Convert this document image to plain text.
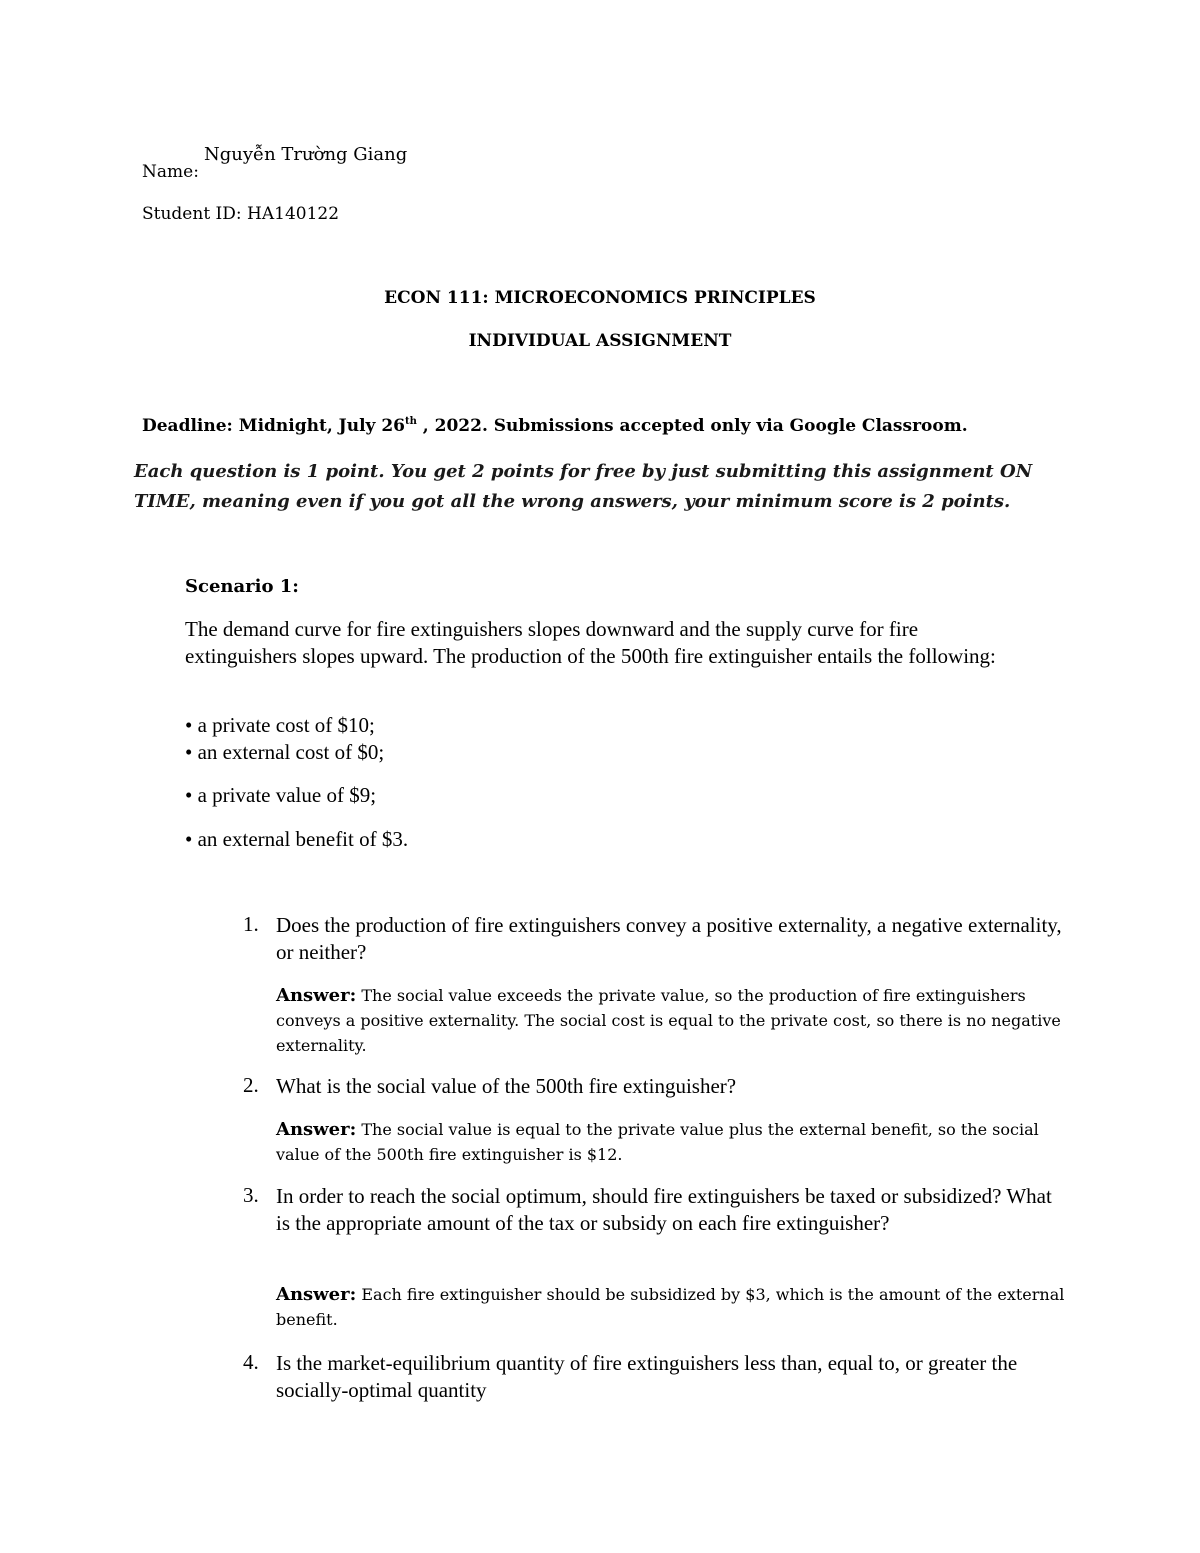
Name:
Nguyễn Trường Giang
Student ID: HA140122
ECON 111: MICROECONOMICS PRINCIPLES
INDIVIDUAL ASSIGNMENT
Deadline: Midnight, July 26th , 2022. Submissions accepted only via Google Classroom.
Each question is 1 point. You get 2 points for free by just submitting this assignment ON TIME, meaning even if you got all the wrong answers, your minimum score is 2 points.
Scenario 1:
The demand curve for fire extinguishers slopes downward and the supply curve for fire extinguishers slopes upward. The production of the 500th fire extinguisher entails the following:
• a private cost of $10;
• an external cost of $0;
• a private value of $9;
• an external benefit of $3.
1. Does the production of fire extinguishers convey a positive externality, a negative externality, or neither?
Answer: The social value exceeds the private value, so the production of fire extinguishers conveys a positive externality. The social cost is equal to the private cost, so there is no negative externality.
2. What is the social value of the 500th fire extinguisher?
Answer: The social value is equal to the private value plus the external benefit, so the social value of the 500th fire extinguisher is $12.
3. In order to reach the social optimum, should fire extinguishers be taxed or subsidized? What is the appropriate amount of the tax or subsidy on each fire extinguisher?
Answer: Each fire extinguisher should be subsidized by $3, which is the amount of the external benefit.
4. Is the market-equilibrium quantity of fire extinguishers less than, equal to, or greater the socially-optimal quantity
